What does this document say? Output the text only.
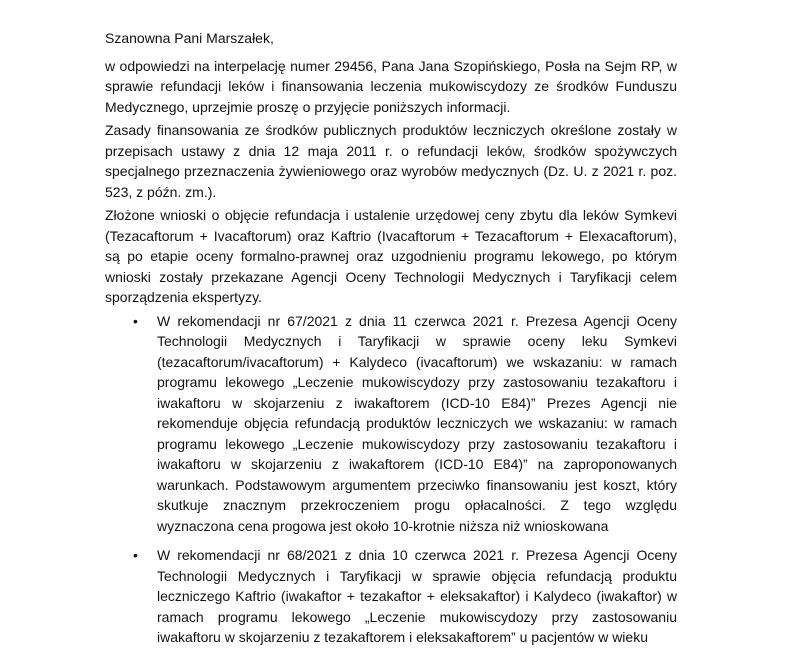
Szanowna Pani Marszałek,

w odpowiedzi na interpelację numer 29456, Pana Jana Szopińskiego, Posła na Sejm RP, w sprawie refundacji leków i finansowania leczenia mukowiscydozy ze środków Funduszu Medycznego, uprzejmie proszę o przyjęcie poniższych informacji.

Zasady finansowania ze środków publicznych produktów leczniczych określone zostały w przepisach ustawy z dnia 12 maja 2011 r. o refundacji leków, środków spożywczych specjalnego przeznaczenia żywieniowego oraz wyrobów medycznych (Dz. U. z 2021 r. poz. 523, z późn. zm.).

Złożone wnioski o objęcie refundacja i ustalenie urzędowej ceny zbytu dla leków Symkevi (Tezacaftorum + Ivacaftorum) oraz Kaftrio (Ivacaftorum + Tezacaftorum + Elexacaftorum), są po etapie oceny formalno-prawnej oraz uzgodnieniu programu lekowego, po którym wnioski zostały przekazane Agencji Oceny Technologii Medycznych i Taryfikacji celem sporządzenia ekspertyzy.

• W rekomendacji nr 67/2021 z dnia 11 czerwca 2021 r. Prezesa Agencji Oceny Technologii Medycznych i Taryfikacji w sprawie oceny leku Symkevi (tezacaftorum/ivacaftorum) + Kalydeco (ivacaftorum) we wskazaniu: w ramach programu lekowego „Leczenie mukowiscydozy przy zastosowaniu tezakaftoru i iwakaftoru w skojarzeniu z iwakaftorem (ICD-10 E84)” Prezes Agencji nie rekomenduje objęcia refundacją produktów leczniczych we wskazaniu: w ramach programu lekowego „Leczenie mukowiscydozy przy zastosowaniu tezakaftoru i iwakaftoru w skojarzeniu z iwakaftorem (ICD-10 E84)” na zaproponowanych warunkach. Podstawowym argumentem przeciwko finansowaniu jest koszt, który skutkuje znacznym przekroczeniem progu opłacalności. Z tego względu wyznaczona cena progowa jest około 10-krotnie niższa niż wnioskowana
• W rekomendacji nr 68/2021 z dnia 10 czerwca 2021 r. Prezesa Agencji Oceny Technologii Medycznych i Taryfikacji w sprawie objęcia refundacją produktu leczniczego Kaftrio (iwakaftor + tezakaftor + eleksakaftor) i Kalydeco (iwakaftor) w ramach programu lekowego „Leczenie mukowiscydozy przy zastosowaniu iwakaftoru w skojarzeniu z tezakaftorem i eleksakaftorem” u pacjentów w wieku
